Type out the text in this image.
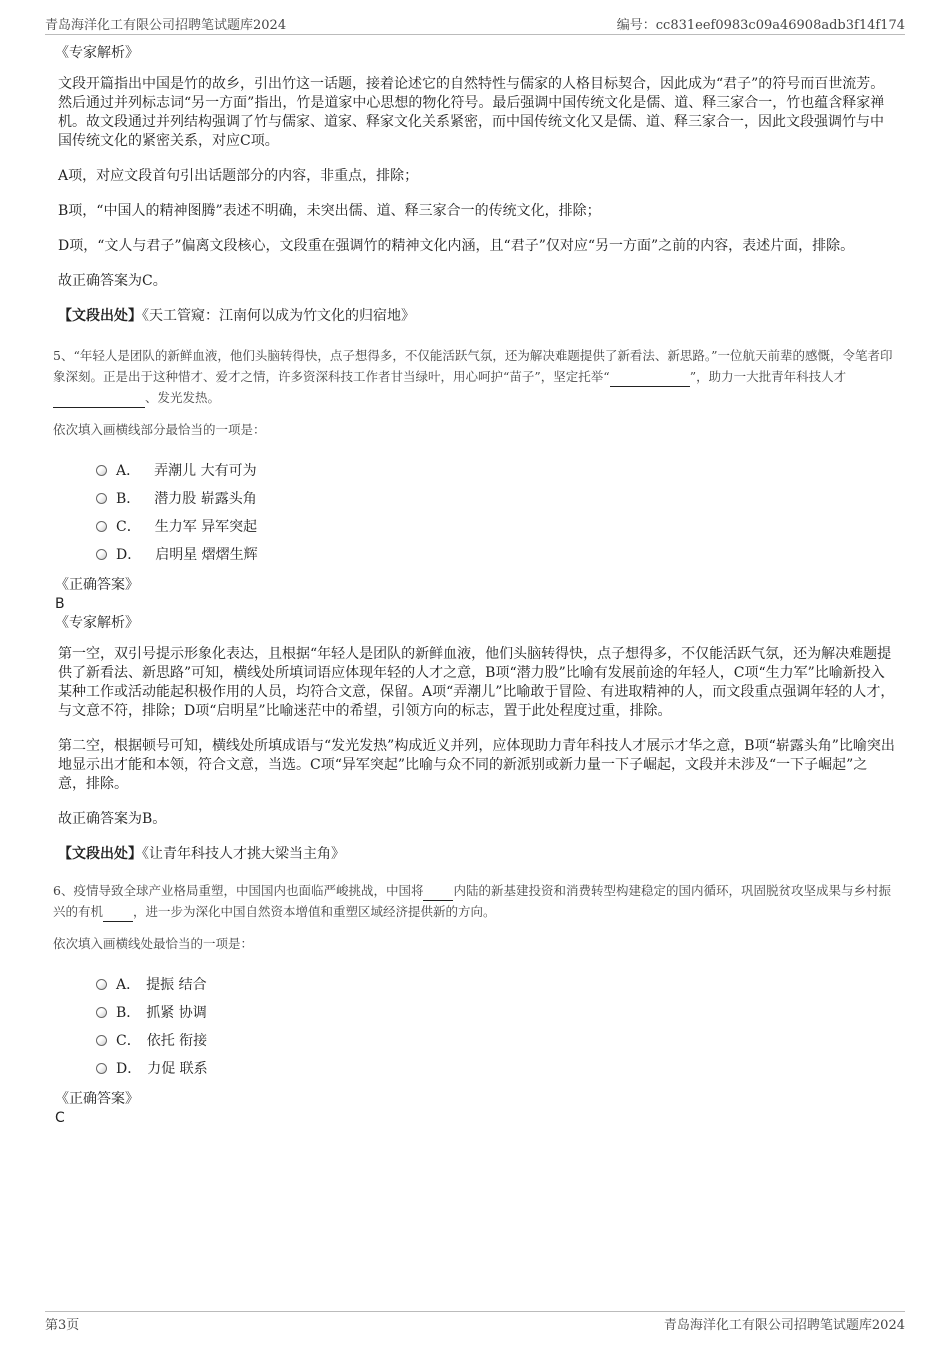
青岛海洋化工有限公司招聘笔试题库2024	编号：cc831eef0983c09a46908adb3f14f174

《专家解析》

文段开篇指出中国是竹的故乡，引出竹这一话题，接着论述它的自然特性与儒家的人格目标契合，因此成为“君子”的符号而百世流芳。然后通过并列标志词“另一方面”指出，竹是道家中心思想的物化符号。最后强调中国传统文化是儒、道、释三家合一，竹也蕴含释家禅机。故文段通过并列结构强调了竹与儒家、道家、释家文化关系紧密，而中国传统文化又是儒、道、释三家合一，因此文段强调竹与中国传统文化的紧密关系，对应C项。

A项，对应文段首句引出话题部分的内容，非重点，排除；

B项，“中国人的精神图腾”表述不明确，未突出儒、道、释三家合一的传统文化，排除；

D项，“文人与君子”偏离文段核心，文段重在强调竹的精神文化内涵，且“君子”仅对应“另一方面”之前的内容，表述片面，排除。

故正确答案为C。

【文段出处】《天工管窥：江南何以成为竹文化的归宿地》

5、“年轻人是团队的新鲜血液，他们头脑转得快，点子想得多，不仅能活跃气氛，还为解决难题提供了新看法、新思路。”一位航天前辈的感慨，令笔者印象深刻。正是出于这种惜才、爱才之情，许多资深科技工作者甘当绿叶，用心呵护“苗子”，坚定托举“	”，助力一大批青年科技人才 、发光发热。

依次填入画横线部分最恰当的一项是：

A． 弄潮儿 大有可为
B． 潜力股 崭露头角
C． 生力军 异军突起
D． 启明星 熠熠生辉

《正确答案》

B

《专家解析》

第一空，双引号提示形象化表达，且根据“年轻人是团队的新鲜血液，他们头脑转得快，点子想得多，不仅能活跃气氛，还为解决难题提供了新看法、新思路”可知，横线处所填词语应体现年轻的人才之意，B项“潜力股”比喻有发展前途的年轻人，C项“生力军”比喻新投入某种工作或活动能起积极作用的人员，均符合文意，保留。A项“弄潮儿”比喻敢于冒险、有进取精神的人，而文段重点强调年轻的人才，与文意不符，排除；D项“启明星”比喻迷茫中的希望，引领方向的标志，置于此处程度过重，排除。

第二空，根据顿号可知，横线处所填成语与“发光发热”构成近义并列，应体现助力青年科技人才展示才华之意，B项“崭露头角”比喻突出地显示出才能和本领，符合文意，当选。C项“异军突起”比喻与众不同的新派别或新力量一下子崛起，文段并未涉及“一下子崛起”之意，排除。

故正确答案为B。

【文段出处】《让青年科技人才挑大梁当主角》

6、疫情导致全球产业格局重塑，中国国内也面临严峻挑战，中国将 内陆的新基建投资和消费转型构建稳定的国内循环，巩固脱贫攻坚成果与乡村振兴的有机 ，进一步为深化中国自然资本增值和重塑区域经济提供新的方向。

依次填入画横线处最恰当的一项是：

A． 提振 结合
B． 抓紧 协调
C． 依托 衔接
D． 力促 联系

《正确答案》

C

第3页	青岛海洋化工有限公司招聘笔试题库2024
